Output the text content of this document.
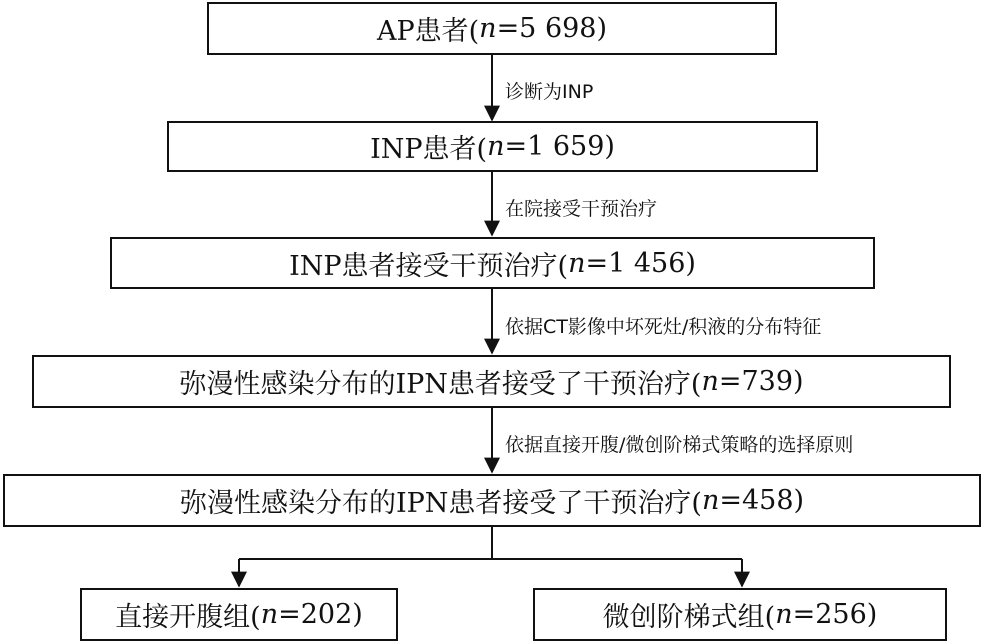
AP患者( n =5 698)
诊断为INP
INP患者( n =1 659)
在院接受干预治疗
INP患者接受干预治疗( n =1 456)
依据CT影像中坏死灶/积液的分布特征
弥漫性感染分布的IPN患者接受了干预治疗( n =739)
依据直接开腹/微创阶梯式策略的选择原则
弥漫性感染分布的IPN患者接受了干预治疗( n =458)
直接开腹组( n =202)	微创阶梯式组( n =256)
